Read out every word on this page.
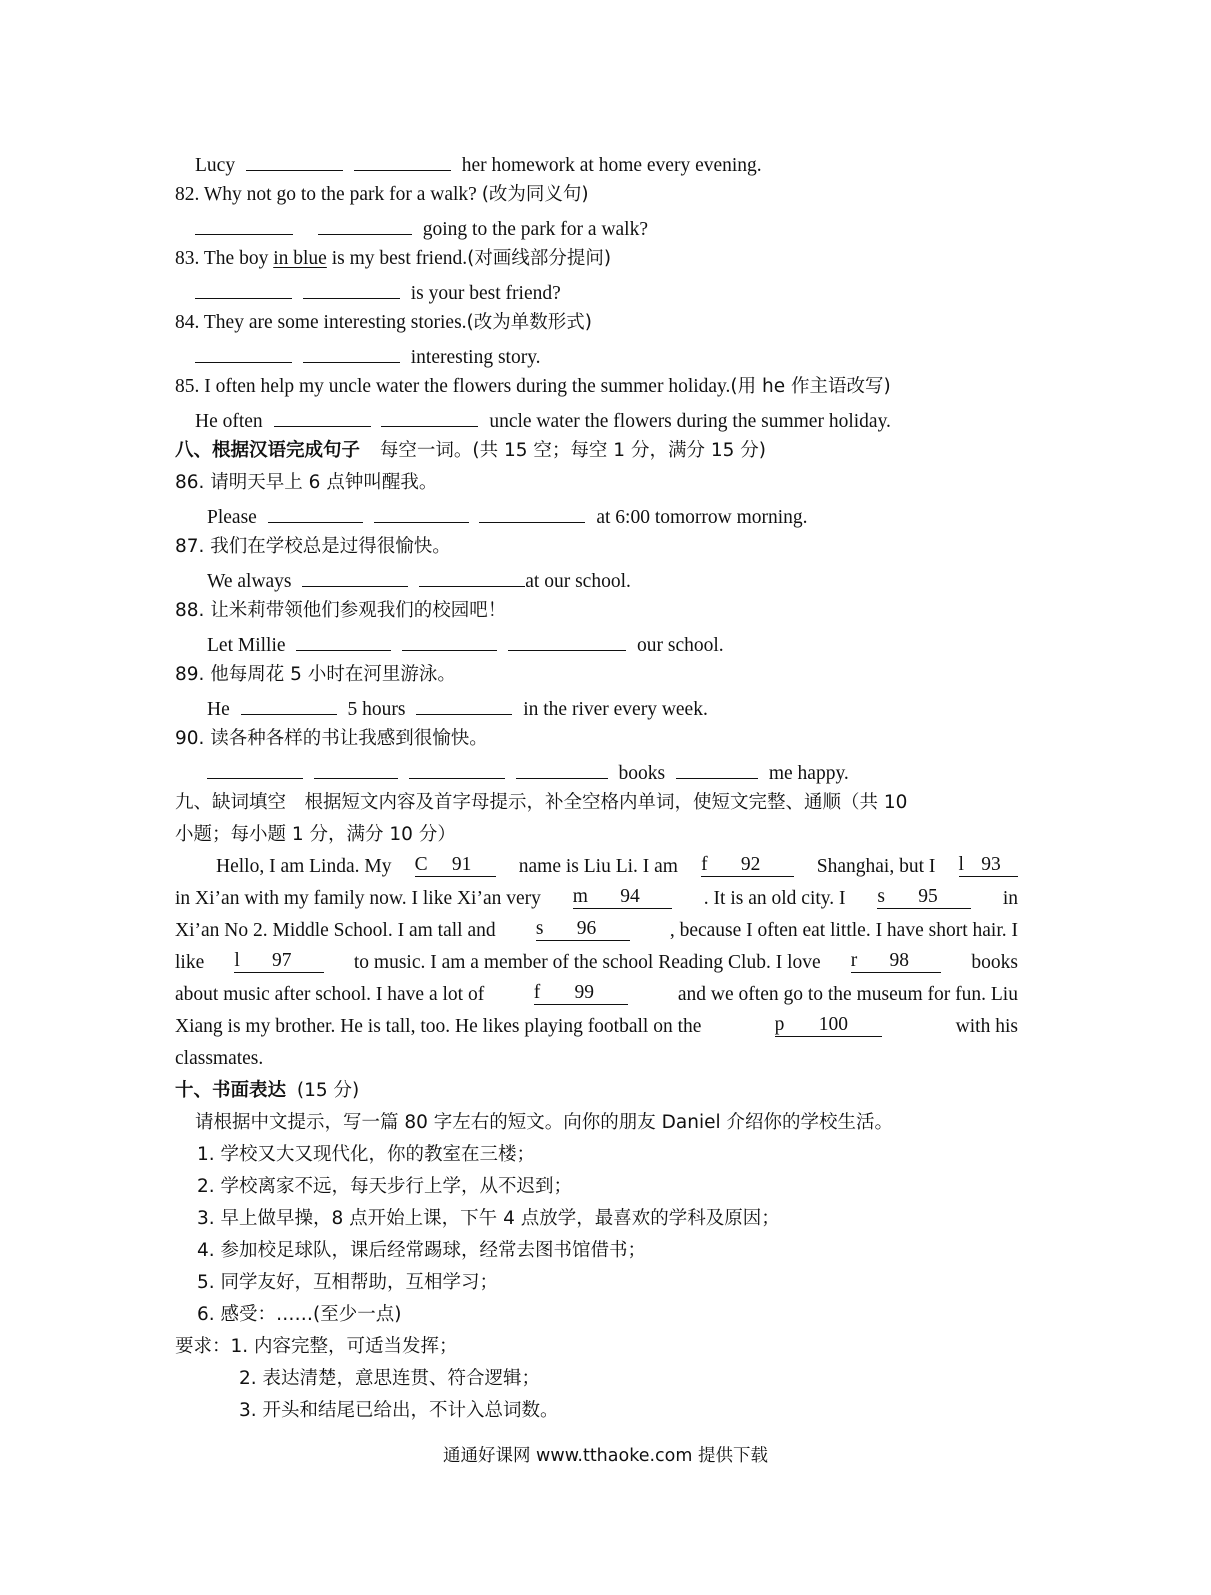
Lucy	her homework at home every evening.
82. Why not go to the park for a walk? (改为同义句)
going to the park for a walk?
83. The boy in blue is my best friend.(对画线部分提问)
is your best friend?
84. They are some interesting stories.(改为单数形式)
interesting story.
85. I often help my uncle water the flowers during the summer holiday.(用 he 作主语改写)
He often	uncle water the flowers during the summer holiday.
八、根据汉语完成句子 每空一词。(共 15 空；每空 1 分，满分 15 分)
86. 请明天早上 6 点钟叫醒我。
Please	at 6:00 tomorrow morning.
87. 我们在学校总是过得很愉快。
We always	at our school.
88. 让米莉带领他们参观我们的校园吧！
Let Millie	our school.
89. 他每周花 5 小时在河里游泳。
He	5 hours	in the river every week.
90. 读各种各样的书让我感到很愉快。
books	me happy.
九、缺词填空　根据短文内容及首字母提示，补全空格内单词，使短文完整、通顺（共 10
小题；每小题 1 分，满分 10 分）
Hello, I am Linda. My C 91	name is Liu Li. I am f 92	Shanghai, but I l 93
in Xi’an with my family now. I like Xi’an very m 94	. It is an old city. I s 95	in
Xi’an No 2. Middle School. I am tall and s 96	, because I often eat little. I have short hair. I
like l 97	to music. I am a member of the school Reading Club. I love r 98	books
about music after school. I have a lot of	f 99	and we often go to the museum for fun. Liu
Xiang is my brother. He is tall, too. He likes playing football on the	p 100	with his
classmates.
十、书面表达 (15 分)
请根据中文提示，写一篇 80 字左右的短文。向你的朋友 Daniel 介绍你的学校生活。
1. 学校又大又现代化，你的教室在三楼；
2. 学校离家不远，每天步行上学，从不迟到；
3. 早上做早操，8 点开始上课，下午 4 点放学，最喜欢的学科及原因；
4. 参加校足球队，课后经常踢球，经常去图书馆借书；
5. 同学友好，互相帮助，互相学习；
6. 感受：……(至少一点)
要求：1. 内容完整，可适当发挥；
2. 表达清楚，意思连贯、符合逻辑；
3. 开头和结尾已给出，不计入总词数。
通通好课网 www.tthaoke.com 提供下载
